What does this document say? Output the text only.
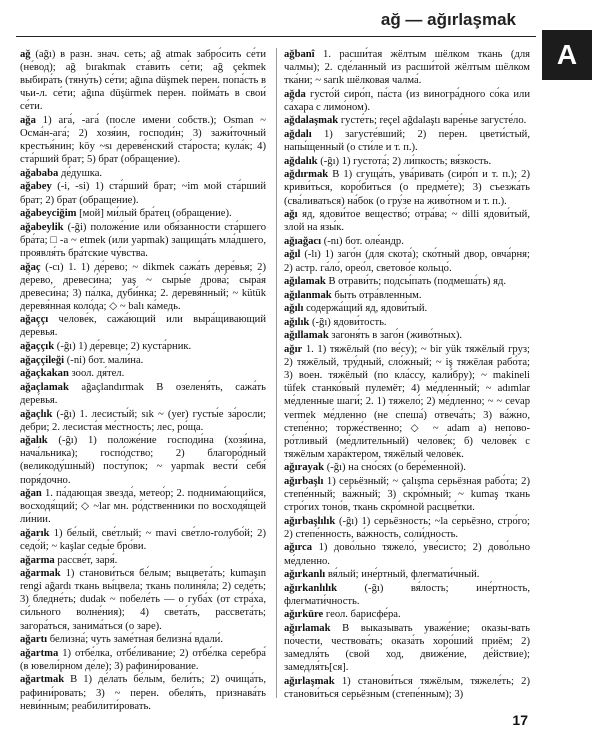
ağ — ağırlaşmak
A
ağ (ağı) в разн. знач. сеть; ağ atmak забро́сить се́ти (не́вод); ağ bırakmak ста́вить се́ти; ağ çekmek выбира́ть (тяну́ть) се́ти; ağına düşmek перен. попа́сть в чьи-л. се́ти; ağına düşürmek перен. пойма́ть в свои́ се́ти.
ağa 1) ага́, -ага́ (после имени собств.); Osman ~ Осма́н-ага́; 2) хозя́ин, господи́н; 3) зажи́точный крестья́нин; köy ~sı дереве́нский ста́роста; кула́к; 4) ста́рший брат; 5) брат (обращение).
ağababa де́душка.
ağabey (-i, -si) 1) ста́рший брат; ~im мой ста́рший брат; 2) брат (обращение).
ağabeyciğim [мой] ми́лый бра́тец (обращение).
ağabeylik (-ği) положе́ние или обя́занности ста́ршего бра́та; □ -a ~ etmek (или yapmak) защища́ть мла́дшего, проявля́ть бра́тские чу́вства.
ağaç (-cı) 1. 1) де́рево; ~ dikmek сажа́ть дере́вья; 2) де́рево, древеси́на; yaş ~ сыры́е дрова́; сыра́я древеси́на; 3) па́лка, дуби́нка; 2. деревя́нный; ~ kütük деревя́нная коло́да; ◇ ~ balı ка́медь.
ağaççı челове́к, сажа́ющий или выра́щивающий дере́вья.
ağaççık (-ğı) 1) де́ревце; 2) куста́рник.
ağaççileği (-ni) бот. мали́на.
ağaçkakan зоол. дя́тел.
ağaçlamak ağaçlandırmak В озеленя́ть, сажа́ть дере́вья.
ağaçlık (-ğı) 1. лесисты́й; sık ~ (yer) густы́е за́росли; дебри; 2. лесиста́я ме́стность; лес, ро́ща.
ağalık (-ğı) 1) положе́ние господи́на (хозя́ина, нача́льника); госпо́дство; 2) благоро́дный (великоду́шный) посту́пок; ~ yapmak вести́ себя́ поря́дочно.
ağan 1. па́дающая звезда́, метео́р; 2. поднима́ющийся, восходя́щий; ◇ ~lar мн. ро́дственники по восходя́щей ли́нии.
ağarık 1) бе́лый, све́тлый; ~ mavi све́тло-голубо́й; 2) седо́й; ~ kaşlar седы́е бро́ви.
ağarma рассве́т, заря́.
ağarmak 1) станови́ться бе́лым; выцвета́ть; kumaşın rengi ağardı ткань вы́цвела; ткань полиня́ла; 2) седе́ть; 3) бледне́ть; dudak ~ побеле́ть — о губа́х (от стра́ха, си́льного волне́ния); 4) света́ть, рассвета́ть; загора́ться, занима́ться (о заре).
ağartı белизна́; чуть заме́тная белизна́ вдали́.
ağartma 1) отбе́лка, отбе́ливание; 2) отбе́лка серебра́ (в ювели́рном де́ле); 3) рафини́рование.
ağartmak В 1) де́лать бе́лым, бели́ть; 2) очища́ть, рафини́ровать; 3) ~ перен. обеля́ть, признава́ть неви́нным; реабилити́ровать.
ağbanî 1. расши́тая жёлтым шёлком ткань (для чалмы); 2. сде́ланный из расши́той жёлтым шёлком тка́ни; ~ sarık шёлковая чалма́.
ağda густо́й сиро́п, па́ста (из виногра́дного со́ка или са́хара с лимо́ном).
ağdalaşmak густе́ть; reçel ağdalaştı варе́нье загусте́ло.
ağdalı 1) загусте́вший; 2) перен. цвети́стый, напы́щенный (о сти́ле и т. п.).
ağdalık (-ğı) 1) густота́; 2) ли́пкость; вя́зкость.
ağdırmak В 1) сгуща́ть, ува́ривать (сиро́п и т. п.); 2) криви́ться, коро́биться (о предме́те); 3) съезжа́ть (сва́ливаться) на́бок (о гру́зе на живо́тном и т. п.).
ağı яд, ядови́тое вещество́; отра́ва; ~ dilli ядови́тый, злой на язы́к.
ağıağacı (-nı) бот. оле́андр.
ağıl (-lı) 1) заго́н (для скота́); ско́тный двор, овча́рня; 2) астр. га́ло́, орео́л, светово́е кольцо́.
ağılamak В отрави́ть; подсы́пать (подмеша́ть) яд.
ağılanmak быть отра́вленным.
ağılı содержа́щий яд, ядови́тый.
ağılık (-ğı) ядови́тость.
ağıllamak загоня́ть в заго́н (живо́тных).
ağır 1. 1) тяжёлый (по ве́су); ~ bir yük тяжёлый груз; 2) тяжёлый, тру́дный, сло́жный; ~ iş тяжёлая рабо́та; 3) воен. тяжёлый (по кла́ссу, кали́бру); ~ makineli tüfek станко́вый пулемёт; 4) ме́дленный; ~ adımlar ме́дленные шаги́; 2. 1) тяжело́; 2) ме́дленно; ~ ~ cevap vermek ме́дленно (не спеша́) отвеча́ть; 3) ва́жно, степе́нно; торже́ственно; ◇ ~ adam а) непово-ро́тливый (ме́длительный) челове́к; б) челове́к с тяжёлым хара́ктером, тяжёлый челове́к.
ağırayak (-ğı) на сно́сях (о бере́менной).
ağırbaşlı 1) серьёзный; ~ çalışma серьёзная рабо́та; 2) степе́нный; ва́жный; 3) скро́мный; ~ kumaş ткань стро́гих тоно́в, ткань скро́мной расцве́тки.
ağırbaşlılık (-ğı) 1) серьёзность; ~la серьёзно, стро́го; 2) степе́нность, ва́жность, соли́дность.
ağırca 1) дово́льно тяжело́, уве́систо; 2) дово́льно ме́дленно.
ağırkanlı вя́лый; ине́ртный, флегмати́чный.
ağırkanlılık	(-ğı) вя́лость; ине́ртность, флегмати́чность.
ağırküre геол. барисфе́ра.
ağırlamak В выказывать уваже́ние; оказы-вать по́чести, чествова́ть; оказа́ть хоро́ший приём; 2) замедля́ть (свой ход, движе́ние, де́йствие); замедля́ть[ся].
ağırlaşmak 1) станови́ться тяжёлым, тяжеле́ть; 2) станови́ться серьёзным (степе́нным); 3)
17
